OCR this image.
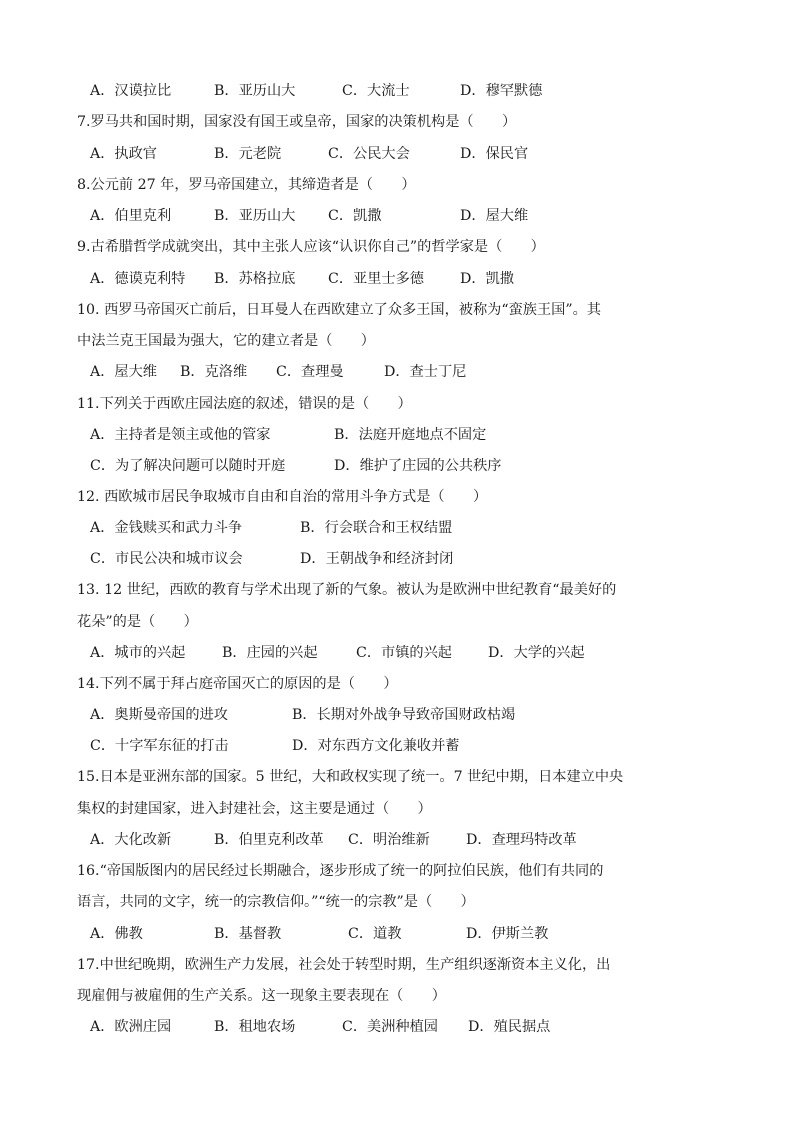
A．汉谟拉比	B．亚历山大	C．大流士	D．穆罕默德
7.罗马共和国时期，国家没有国王或皇帝，国家的决策机构是（　　）
A．执政官	B．元老院	C．公民大会	D．保民官
8.公元前 27 年，罗马帝国建立，其缔造者是（　　）
A．伯里克利	B．亚历山大 C．凯撒	D．屋大维
9.古希腊哲学成就突出，其中主张人应该“认识你自己”的哲学家是（　　）
A．德谟克利特 B．苏格拉底 C．亚里士多德	D．凯撒
10. 西罗马帝国灭亡前后，日耳曼人在西欧建立了众多王国，被称为“蛮族王国”。其
中法兰克王国最为强大，它的建立者是（　　）
A．屋大维 B．克洛维 C．查理曼	D．查士丁尼
11.下列关于西欧庄园法庭的叙述，错误的是（　　）
A．主持者是领主或他的管家	B．法庭开庭地点不固定
C．为了解决问题可以随时开庭	D．维护了庄园的公共秩序
12. 西欧城市居民争取城市自由和自治的常用斗争方式是（　　）
A．金钱赎买和武力斗争	B．行会联合和王权结盟
C．市民公决和城市议会	D．王朝战争和经济封闭
13. 12 世纪，西欧的教育与学术出现了新的气象。被认为是欧洲中世纪教育“最美好的
花朵”的是（　　）
A．城市的兴起	B．庄园的兴起	C．市镇的兴起	D．大学的兴起
14.下列不属于拜占庭帝国灭亡的原因的是（　　）
A．奥斯曼帝国的进攻	B．长期对外战争导致帝国财政枯竭
C．十字军东征的打击	D．对东西方文化兼收并蓄
15.日本是亚洲东部的国家。5 世纪，大和政权实现了统一。7 世纪中期，日本建立中央
集权的封建国家，进入封建社会，这主要是通过（　　）
A．大化改新	B．伯里克利改革 C．明治维新	D．查理玛特改革
16.“帝国版图内的居民经过长期融合，逐步形成了统一的阿拉伯民族，他们有共同的
语言，共同的文字，统一的宗教信仰。”“统一的宗教”是（　　）
A．佛教	B．基督教	C．道教	D．伊斯兰教
17.中世纪晚期，欧洲生产力发展，社会处于转型时期，生产组织逐渐资本主义化，出
现雇佣与被雇佣的生产关系。这一现象主要表现在（　　）
A．欧洲庄园	B．租地农场	C．美洲种植园 D．殖民据点
